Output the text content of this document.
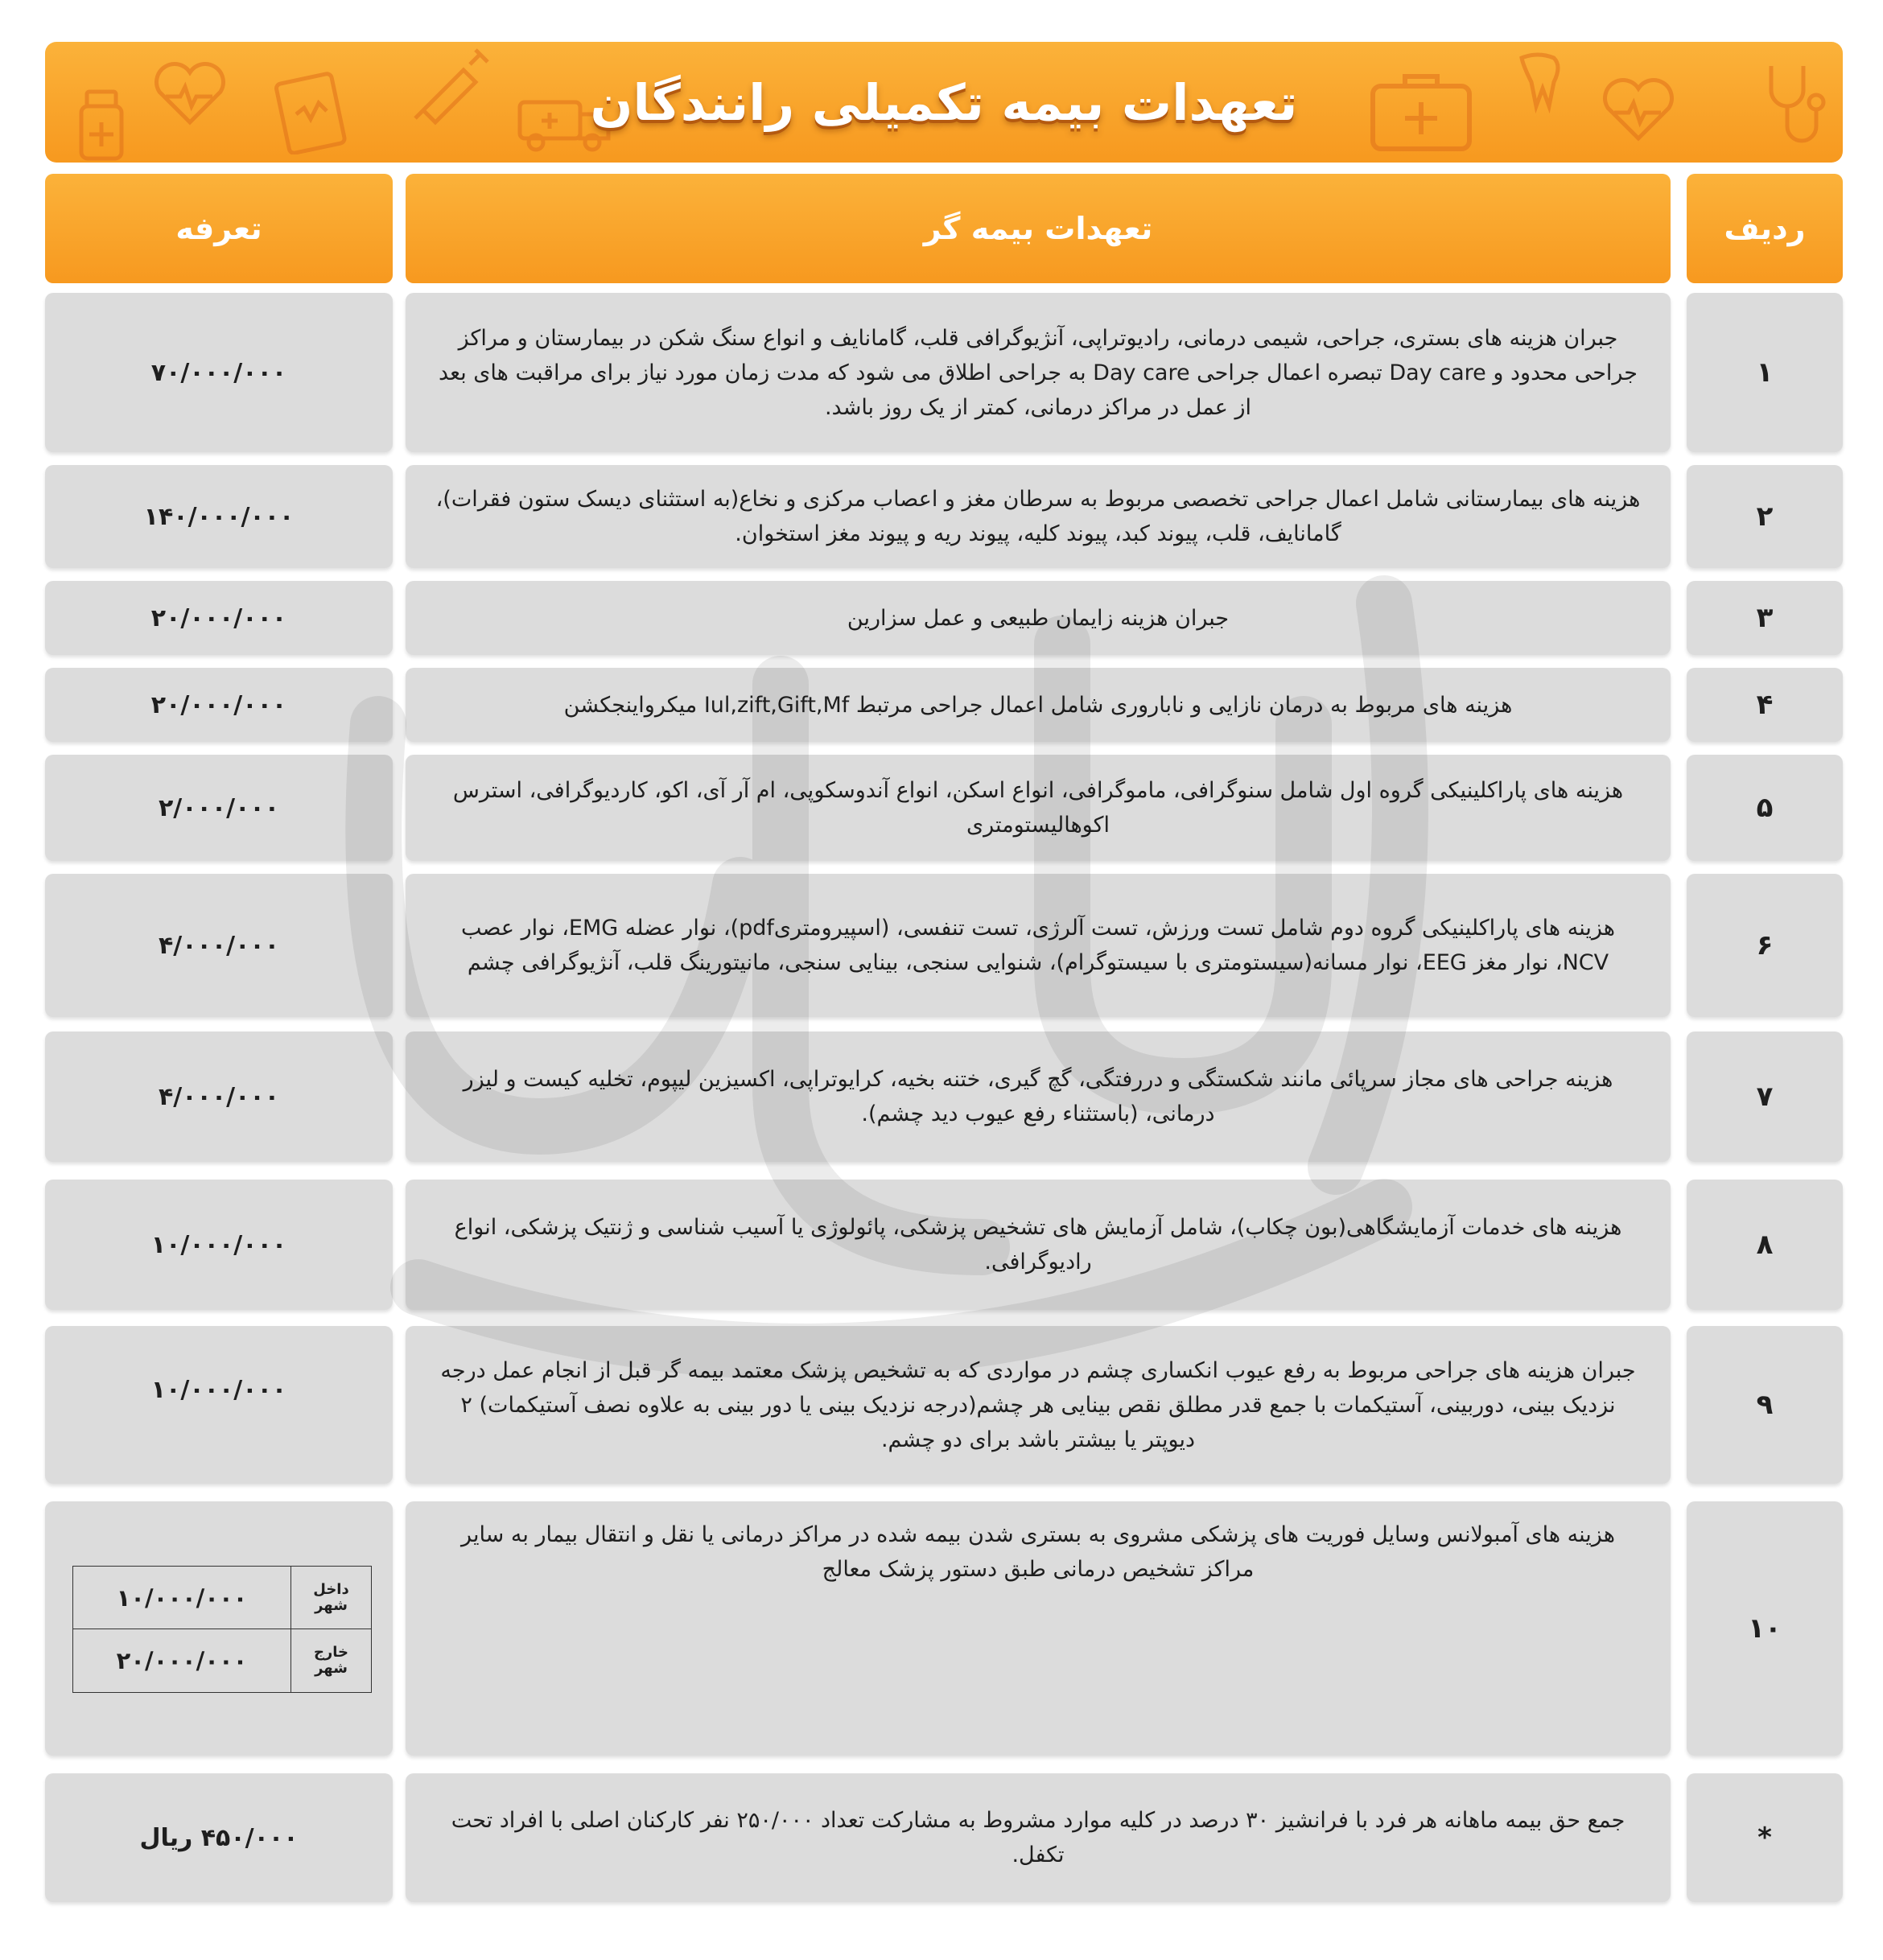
تعهدات بیمه تکمیلی رانندگان
ردیف
تعهدات بیمه گر
تعرفه
۱
جبران هزینه های بستری، جراحی، شیمی درمانی، رادیوتراپی، آنژیوگرافی قلب، گامانایف و انواع سنگ شکن در بیمارستان و مراکز جراحی محدود و Day care تبصره اعمال جراحی Day care به جراحی اطلاق می شود که مدت زمان مورد نیاز برای مراقبت های بعد از عمل در مراکز درمانی، کمتر از یک روز باشد.
۷۰/۰۰۰/۰۰۰
۲
هزینه های بیمارستانی شامل اعمال جراحی تخصصی مربوط به سرطان مغز و اعصاب مرکزی و نخاع(به استثنای دیسک ستون فقرات)، گامانایف، قلب، پیوند کبد، پیوند کلیه، پیوند ریه و پیوند مغز استخوان.
۱۴۰/۰۰۰/۰۰۰
۳
جبران هزینه زایمان طبیعی و عمل سزارین
۲۰/۰۰۰/۰۰۰
۴
هزینه های مربوط به درمان نازایی و ناباروری شامل اعمال جراحی مرتبط Iul,zift,Gift,Mf میکرواینجکشن
۲۰/۰۰۰/۰۰۰
۵
هزینه های پاراکلینیکی گروه اول شامل سنوگرافی، ماموگرافی، انواع اسکن، انواع آندوسکوپی، ام آر آی، اکو، کاردیوگرافی، استرس اکوهالیستومتری
۲/۰۰۰/۰۰۰
۶
هزینه های پاراکلینیکی گروه دوم شامل تست ورزش، تست آلرژی، تست تنفسی، (اسپیرومتریpdf)، نوار عضله EMG، نوار عصب NCV، نوار مغز EEG، نوار مسانه(سیستومتری با سیستوگرام)، شنوایی سنجی، بینایی سنجی، مانیتورینگ قلب، آنژیوگرافی چشم
۴/۰۰۰/۰۰۰
۷
هزینه جراحی های مجاز سرپائی مانند شکستگی و دررفتگی، گچ گیری، ختنه بخیه، کرایوتراپی، اکسیزین لیپوم، تخلیه کیست و لیزر درمانی، (باستثناء رفع عیوب دید چشم).
۴/۰۰۰/۰۰۰
۸
هزینه های خدمات آزمایشگاهی(بون چکاب)، شامل آزمایش های تشخیص پزشکی، پائولوژی یا آسیب شناسی و ژنتیک پزشکی، انواع رادیوگرافی.
۱۰/۰۰۰/۰۰۰
۹
جبران هزینه های جراحی مربوط به رفع عیوب انکساری چشم در مواردی که به تشخیص پزشک معتمد بیمه گر قبل از انجام عمل درجه نزدیک بینی، دوربینی، آستیکمات با جمع قدر مطلق نقص بینایی هر چشم(درجه نزدیک بینی یا دور بینی به علاوه نصف آستیکمات) ۲ دیوپتر یا بیشتر باشد برای دو چشم.
۱۰/۰۰۰/۰۰۰
۱۰
هزینه های آمبولانس وسایل فوریت های پزشکی مشروی به بستری شدن بیمه شده در مراکز درمانی یا نقل و انتقال بیمار به سایر مراکز تشخیص درمانی طبق دستور پزشک معالج
۱۰/۰۰۰/۰۰۰	داخل شهر
۲۰/۰۰۰/۰۰۰	خارج شهر
*
جمع حق بیمه ماهانه هر فرد با فرانشیز ۳۰ درصد در کلیه موارد مشروط به مشارکت تعداد ۲۵۰/۰۰۰ نفر کارکنان اصلی با افراد تحت تکفل.
۴۵۰/۰۰۰ ریال
